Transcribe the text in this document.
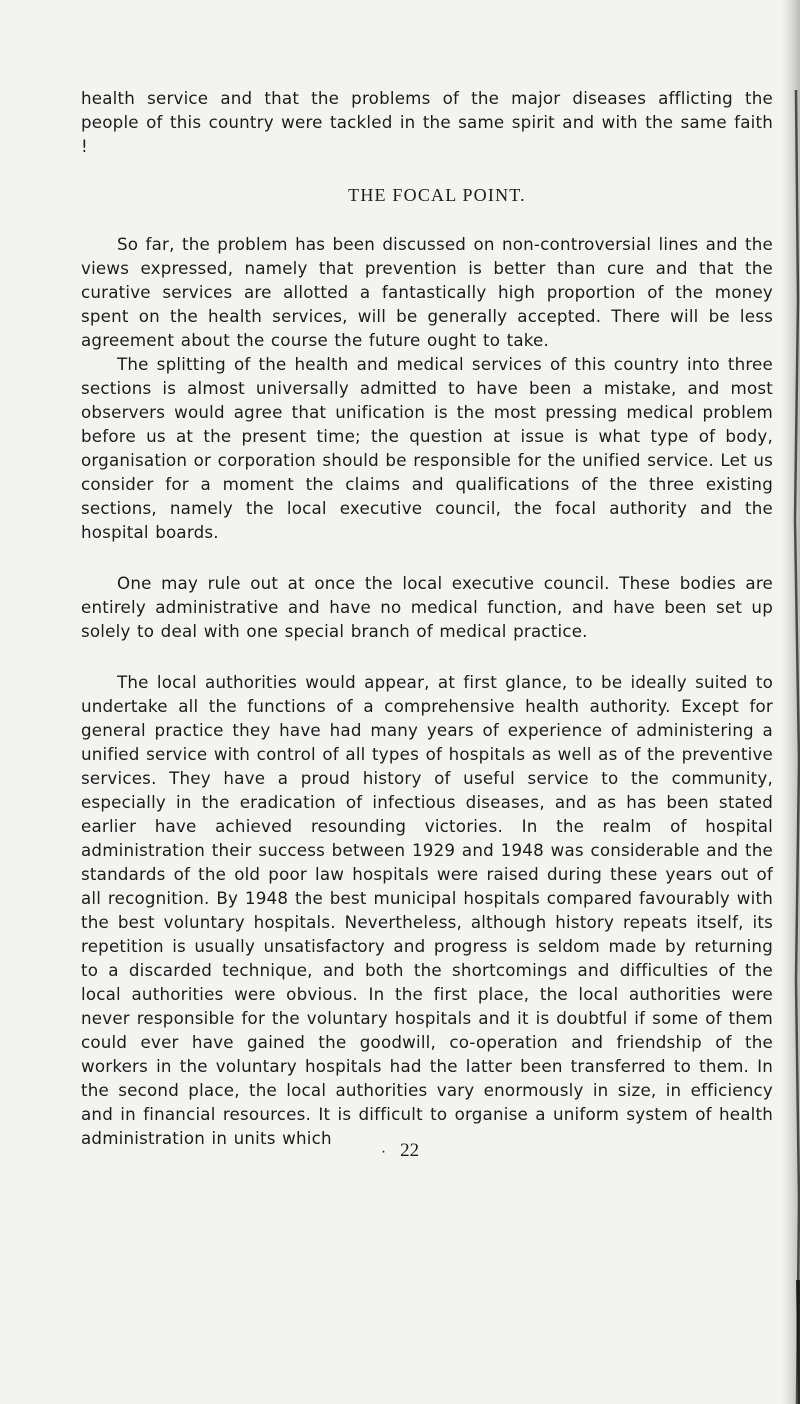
health service and that the problems of the major diseases afflicting the people of this country were tackled in the same spirit and with the same faith !

THE FOCAL POINT.

So far, the problem has been discussed on non-controversial lines and the views expressed, namely that prevention is better than cure and that the curative services are allotted a fantastically high proportion of the money spent on the health services, will be generally accepted. There will be less agreement about the course the future ought to take.

The splitting of the health and medical services of this country into three sections is almost universally admitted to have been a mistake, and most observers would agree that unification is the most pressing medical problem before us at the present time; the question at issue is what type of body, organisation or corporation should be responsible for the unified service. Let us consider for a moment the claims and qualifications of the three existing sections, namely the local executive council, the focal authority and the hospital boards.

One may rule out at once the local executive council. These bodies are entirely administrative and have no medical function, and have been set up solely to deal with one special branch of medical practice.

The local authorities would appear, at first glance, to be ideally suited to undertake all the functions of a comprehensive health authority. Except for general practice they have had many years of experience of administering a unified service with control of all types of hospitals as well as of the preventive services. They have a proud history of useful service to the community, especially in the eradication of infectious diseases, and as has been stated earlier have achieved resounding victories. In the realm of hospital administration their success between 1929 and 1948 was considerable and the standards of the old poor law hospitals were raised during these years out of all recognition. By 1948 the best municipal hospitals compared favourably with the best voluntary hospitals. Nevertheless, although history repeats itself, its repetition is usually unsatisfactory and progress is seldom made by returning to a discarded technique, and both the shortcomings and difficulties of the local authorities were obvious. In the first place, the local authorities were never responsible for the voluntary hospitals and it is doubtful if some of them could ever have gained the goodwill, co-operation and friendship of the workers in the voluntary hospitals had the latter been transferred to them. In the second place, the local authorities vary enormously in size, in efficiency and in financial resources. It is difficult to organise a uniform system of health administration in units which

· 22
